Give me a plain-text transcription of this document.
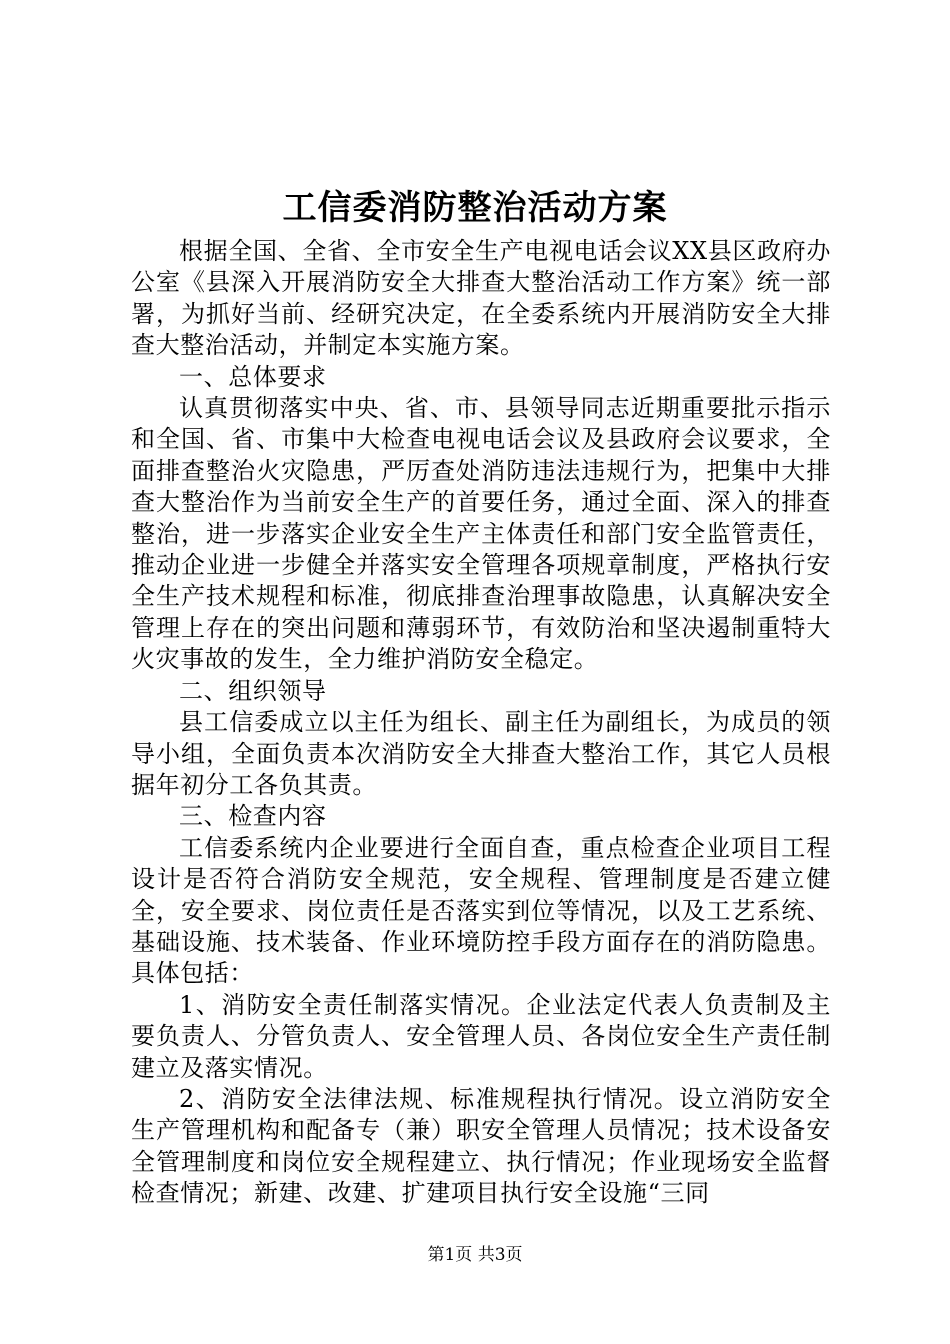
工信委消防整治活动方案

根据全国、全省、全市安全生产电视电话会议XX县区政府办公室《县深入开展消防安全大排查大整治活动工作方案》统一部署，为抓好当前、经研究决定，在全委系统内开展消防安全大排查大整治活动，并制定本实施方案。

一、总体要求

认真贯彻落实中央、省、市、县领导同志近期重要批示指示和全国、省、市集中大检查电视电话会议及县政府会议要求，全面排查整治火灾隐患，严厉查处消防违法违规行为，把集中大排查大整治作为当前安全生产的首要任务，通过全面、深入的排查整治，进一步落实企业安全生产主体责任和部门安全监管责任，推动企业进一步健全并落实安全管理各项规章制度，严格执行安全生产技术规程和标准，彻底排查治理事故隐患，认真解决安全管理上存在的突出问题和薄弱环节，有效防治和坚决遏制重特大火灾事故的发生，全力维护消防安全稳定。

二、组织领导

县工信委成立以主任为组长、副主任为副组长，为成员的领导小组，全面负责本次消防安全大排查大整治工作，其它人员根据年初分工各负其责。

三、检查内容

工信委系统内企业要进行全面自查，重点检查企业项目工程设计是否符合消防安全规范，安全规程、管理制度是否建立健全，安全要求、岗位责任是否落实到位等情况，以及工艺系统、基础设施、技术装备、作业环境防控手段方面存在的消防隐患。具体包括：

1、消防安全责任制落实情况。企业法定代表人负责制及主要负责人、分管负责人、安全管理人员、各岗位安全生产责任制建立及落实情况。

2、消防安全法律法规、标准规程执行情况。设立消防安全生产管理机构和配备专（兼）职安全管理人员情况；技术设备安全管理制度和岗位安全规程建立、执行情况；作业现场安全监督检查情况；新建、改建、扩建项目执行安全设施“三同

第1页 共3页
